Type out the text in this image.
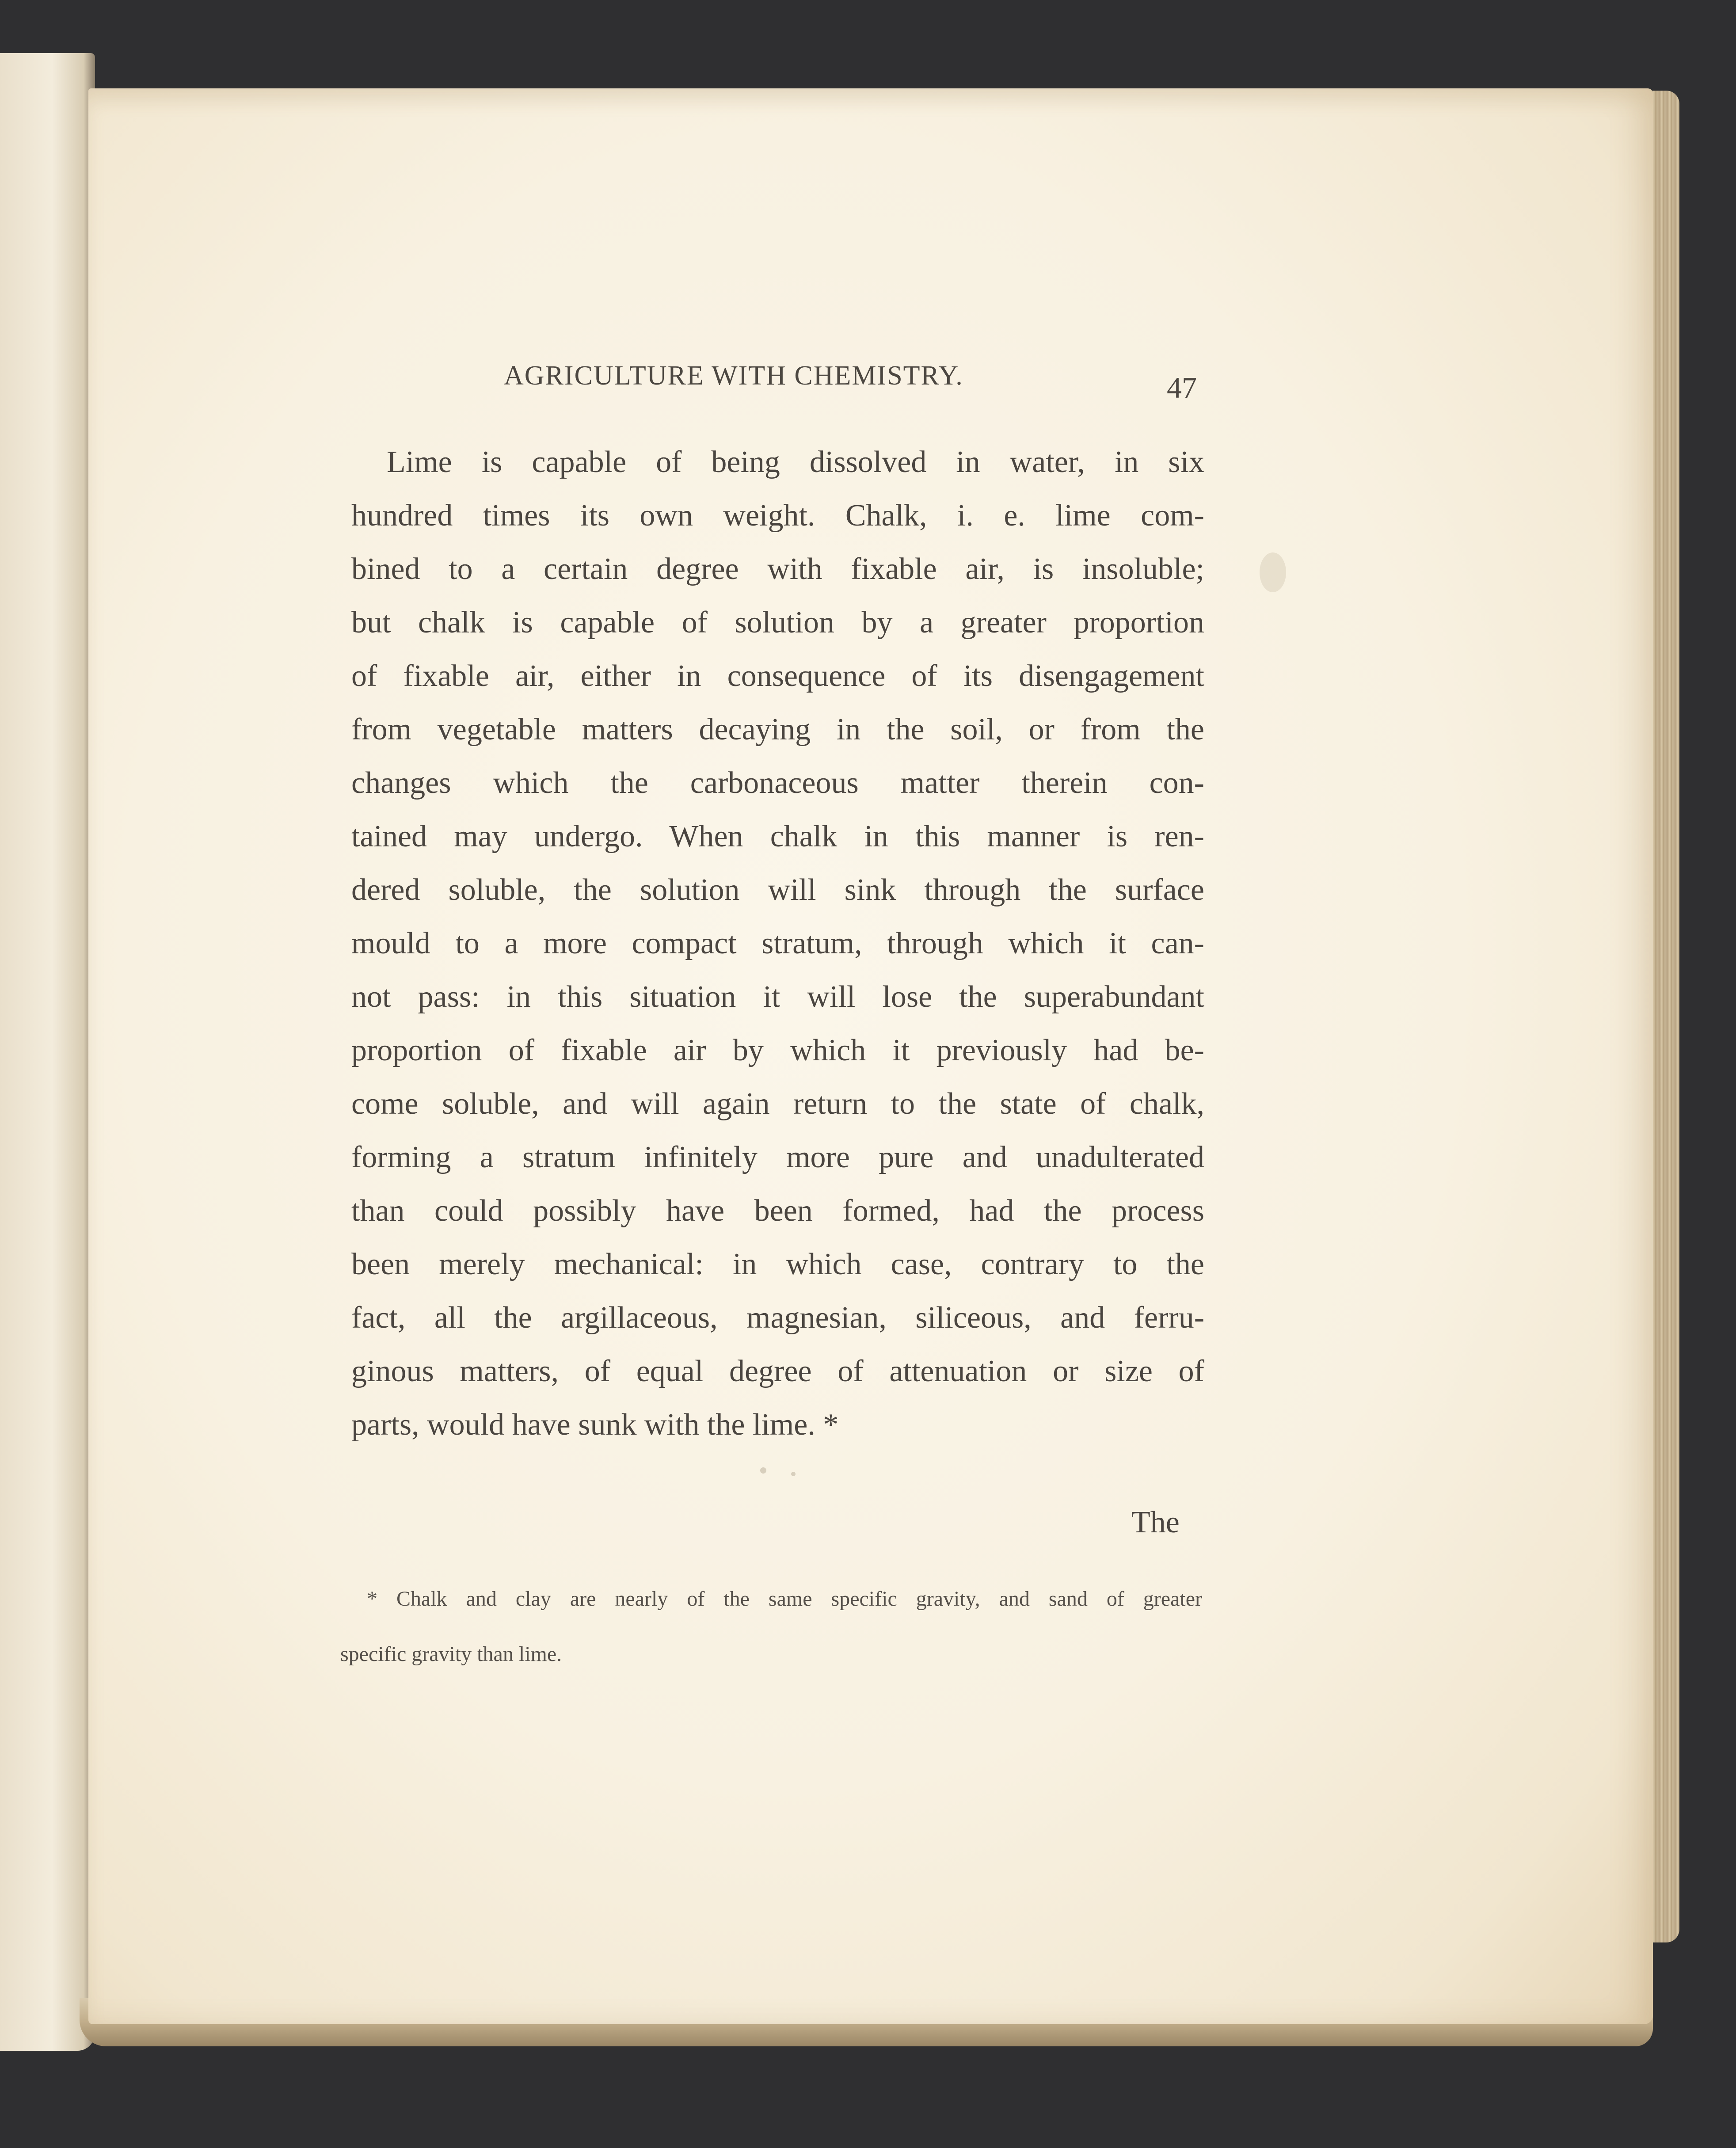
AGRICULTURE WITH CHEMISTRY.	47
Lime is capable of being dissolved in water, in six
hundred times its own weight. Chalk, i. e. lime com-
bined to a certain degree with fixable air, is insoluble;
but chalk is capable of solution by a greater proportion
of fixable air, either in consequence of its disengagement
from vegetable matters decaying in the soil, or from the
changes which the carbonaceous matter therein con-
tained may undergo. When chalk in this manner is ren-
dered soluble, the solution will sink through the surface
mould to a more compact stratum, through which it can-
not pass: in this situation it will lose the superabundant
proportion of fixable air by which it previously had be-
come soluble, and will again return to the state of chalk,
forming a stratum infinitely more pure and unadulterated
than could possibly have been formed, had the process
been merely mechanical: in which case, contrary to the
fact, all the argillaceous, magnesian, siliceous, and ferru-
ginous matters, of equal degree of attenuation or size of
parts, would have sunk with the lime. *
The
* Chalk and clay are nearly of the same specific gravity, and sand of greater
specific gravity than lime.
